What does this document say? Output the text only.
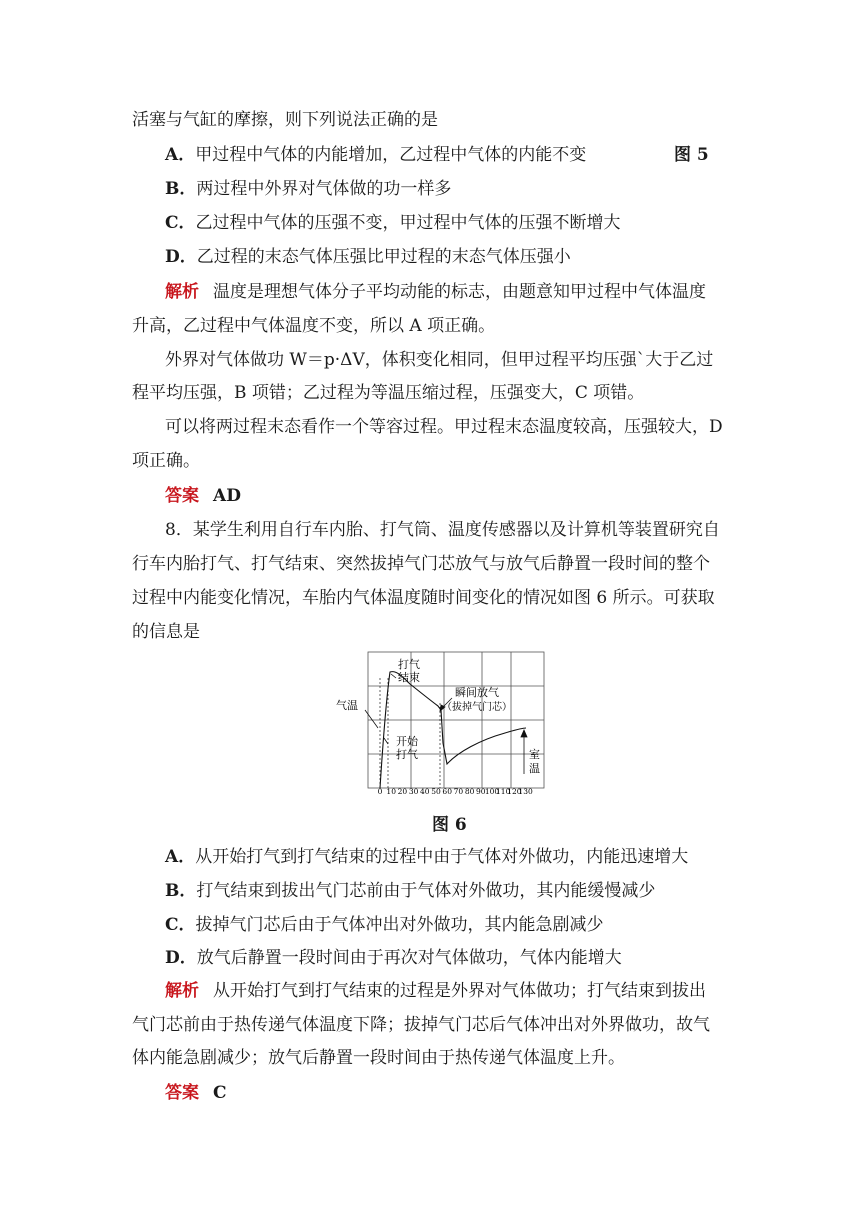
活塞与气缸的摩擦，则下列说法正确的是
A．甲过程中气体的内能增加，乙过程中气体的内能不变	图 5
B．两过程中外界对气体做的功一样多
C．乙过程中气体的压强不变，甲过程中气体的压强不断增大
D．乙过程的末态气体压强比甲过程的末态气体压强小
解析 温度是理想气体分子平均动能的标志，由题意知甲过程中气体温度
升高，乙过程中气体温度不变，所以 A 项正确。
外界对气体做功 W＝p·ΔV，体积变化相同，但甲过程平均压强`大于乙过
程平均压强，B 项错；乙过程为等温压缩过程，压强变大，C 项错。
可以将两过程末态看作一个等容过程。甲过程末态温度较高，压强较大，D
项正确。
答案 AD
8．某学生利用自行车内胎、打气筒、温度传感器以及计算机等装置研究自
行车内胎打气、打气结束、突然拔掉气门芯放气与放气后静置一段时间的整个
过程中内能变化情况，车胎内气体温度随时间变化的情况如图 6 所示。可获取
的信息是
气温
打气
结束
瞬间放气
（拔掉气门芯）
开始
打气	室
温
0 10 20 30 40 50 60 70 80 90 100
110
120
130
图 6
A．从开始打气到打气结束的过程中由于气体对外做功，内能迅速增大
B．打气结束到拔出气门芯前由于气体对外做功，其内能缓慢减少
C．拔掉气门芯后由于气体冲出对外做功，其内能急剧减少
D．放气后静置一段时间由于再次对气体做功，气体内能增大
解析 从开始打气到打气结束的过程是外界对气体做功；打气结束到拔出
气门芯前由于热传递气体温度下降；拔掉气门芯后气体冲出对外界做功，故气
体内能急剧减少；放气后静置一段时间由于热传递气体温度上升。
答案 C
